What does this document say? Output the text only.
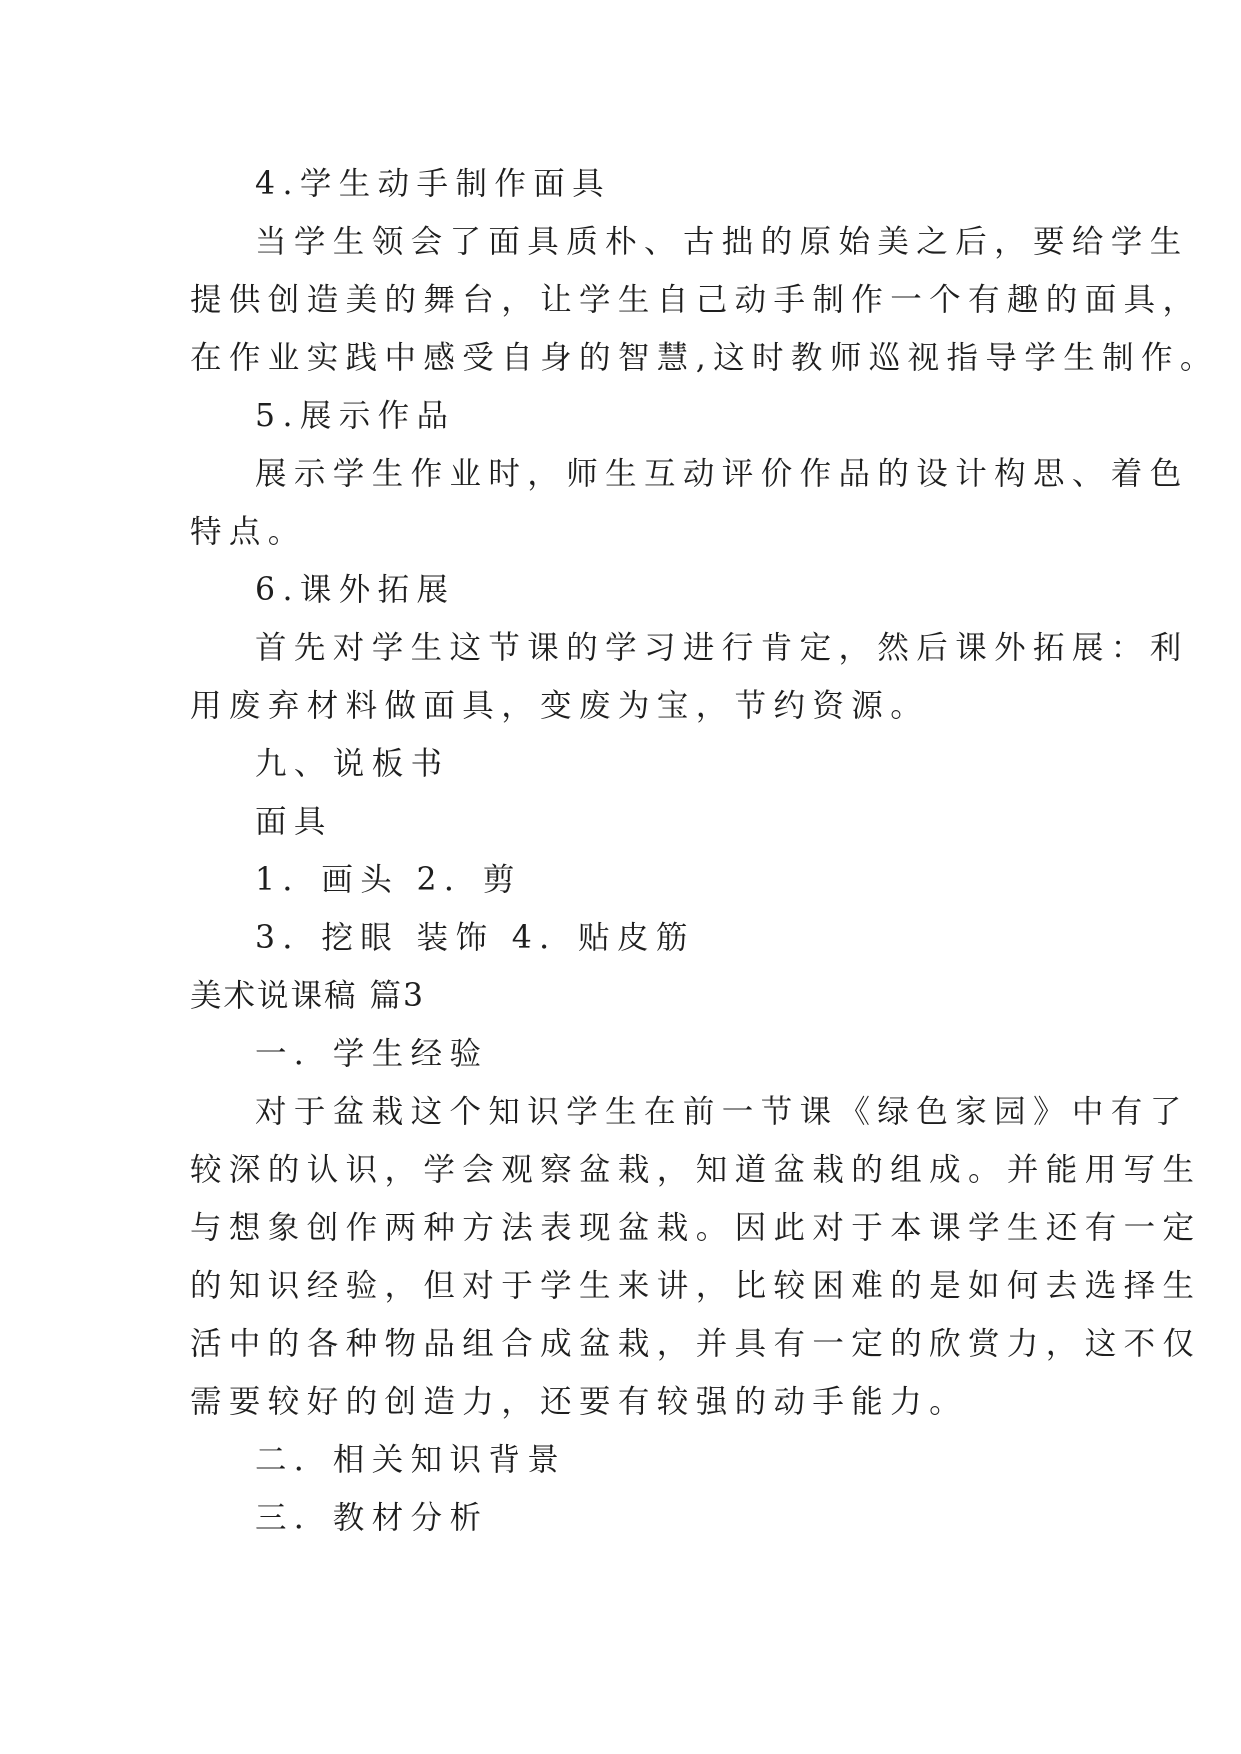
4.学生动手制作面具
当学生领会了面具质朴、古拙的原始美之后，要给学生
提供创造美的舞台，让学生自己动手制作一个有趣的面具，
在作业实践中感受自身的智慧,这时教师巡视指导学生制作。
5.展示作品
展示学生作业时，师生互动评价作品的设计构思、着色
特点。
6.课外拓展
首先对学生这节课的学习进行肯定，然后课外拓展：利
用废弃材料做面具，变废为宝，节约资源。
九、说板书
面具
1．画头 2．剪
3．挖眼 装饰 4．贴皮筋
美术说课稿 篇3
一．学生经验
对于盆栽这个知识学生在前一节课《绿色家园》中有了
较深的认识，学会观察盆栽，知道盆栽的组成。并能用写生
与想象创作两种方法表现盆栽。因此对于本课学生还有一定
的知识经验，但对于学生来讲，比较困难的是如何去选择生
活中的各种物品组合成盆栽，并具有一定的欣赏力，这不仅
需要较好的创造力，还要有较强的动手能力。
二．相关知识背景
三．教材分析
